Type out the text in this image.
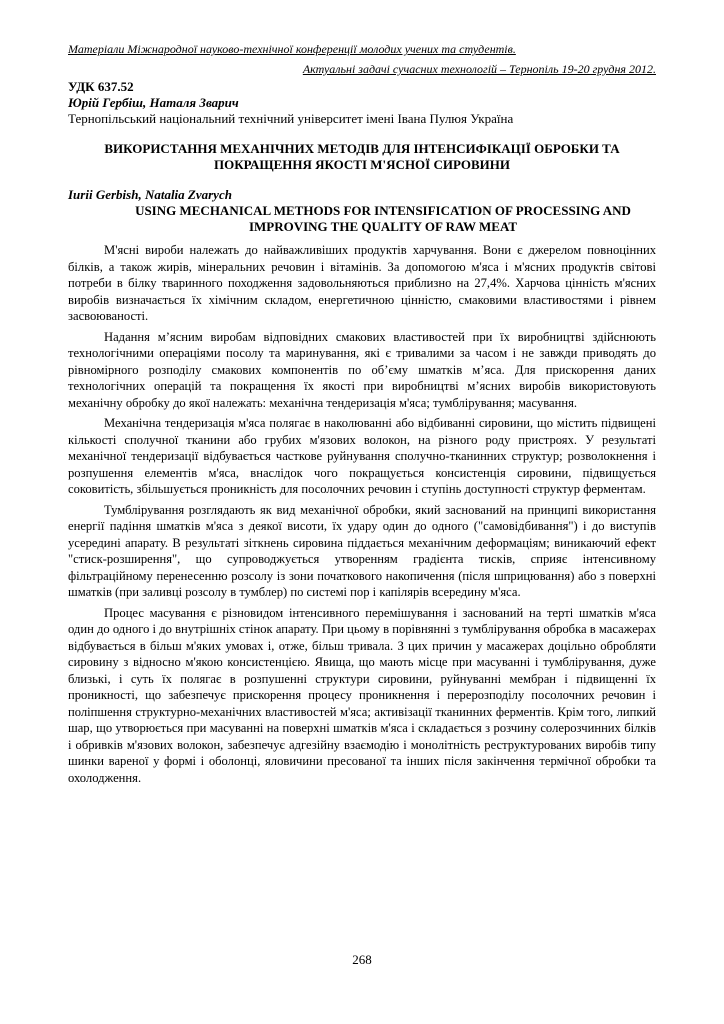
Матеріали Міжнародної науково-технічної конференції молодих учених та студентів.
Актуальні задачі сучасних технологій – Тернопіль 19-20 грудня 2012.
УДК 637.52
Юрій Гербіш, Наталя Зварич
Тернопільський національний технічний університет імені Івана Пулюя Україна
ВИКОРИСТАННЯ МЕХАНІЧНИХ МЕТОДІВ ДЛЯ ІНТЕНСИФІКАЦІЇ ОБРОБКИ ТА ПОКРАЩЕННЯ ЯКОСТІ М'ЯСНОЇ СИРОВИНИ
Iurii Gerbish, Natalia Zvarych
USING MECHANICAL METHODS FOR INTENSIFICATION OF PROCESSING AND IMPROVING THE QUALITY OF RAW MEAT

М'ясні вироби належать до найважливіших продуктів харчування. Вони є джерелом повноцінних білків, а також жирів, мінеральних речовин і вітамінів. За допомогою м'яса і м'ясних продуктів світові потреби в білку тваринного походження задовольняються приблизно на 27,4%. Харчова цінність м'ясних виробів визначається їх хімічним складом, енергетичною цінністю, смаковими властивостями і рівнем засвоюваності.

Надання м’ясним виробам відповідних смакових властивостей при їх виробництві здійснюють технологічними операціями посолу та маринування, які є тривалими за часом і не завжди приводять до рівномірного розподілу смакових компонентів по об’єму шматків м’яса. Для прискорення даних технологічних операцій та покращення їх якості при виробництві м’ясних виробів використовують механічну обробку до якої належать: механічна тендеризація м'яса; тумблірування; масування.

Механічна тендеризація м'яса полягає в наколюванні або відбиванні сировини, що містить підвищені кількості сполучної тканини або грубих м'язових волокон, на різного роду пристроях. У результаті механічної тендеризації відбувається часткове руйнування сполучно-тканинних структур; розволокнення і розпушення елементів м'яса, внаслідок чого покращується консистенція сировини, підвищується соковитість, збільшується проникність для посолочних речовин і ступінь доступності структур ферментам.

Тумблірування розглядають як вид механічної обробки, який заснований на принципі використання енергії падіння шматків м'яса з деякої висоти, їх удару один до одного ("самовідбивання") і до виступів усередині апарату. В результаті зіткнень сировина піддається механічним деформаціям; виникаючий ефект "стиск-розширення", що супроводжується утворенням градієнта тисків, сприяє інтенсивному фільтраційному перенесенню розсолу із зони початкового накопичення (після шприцювання) або з поверхні шматків (при заливці розсолу в тумблер) по системі пор і капілярів всередину м'яса.

Процес масування є різновидом інтенсивного перемішування і заснований на терті шматків м'яса один до одного і до внутрішніх стінок апарату. При цьому в порівнянні з тумблірування обробка в масажерах відбувається в більш м'яких умовах і, отже, більш тривала. З цих причин у масажерах доцільно обробляти сировину з відносно м'якою консистенцією. Явища, що мають місце при масуванні і тумблірування, дуже близькі, і суть їх полягає в розпушенні структури сировини, руйнуванні мембран і підвищенні їх проникності, що забезпечує прискорення процесу проникнення і перерозподілу посолочних речовин і поліпшення структурно-механічних властивостей м'яса; активізації тканинних ферментів. Крім того, липкий шар, що утворюється при масуванні на поверхні шматків м'яса і складається з розчину солерозчинних білків і обривків м'язових волокон, забезпечує адгезійну взаємодію і монолітність реструктурованих виробів типу шинки вареної у формі і оболонці, яловичини пресованої та інших після закінчення термічної обробки та охолодження.

268
